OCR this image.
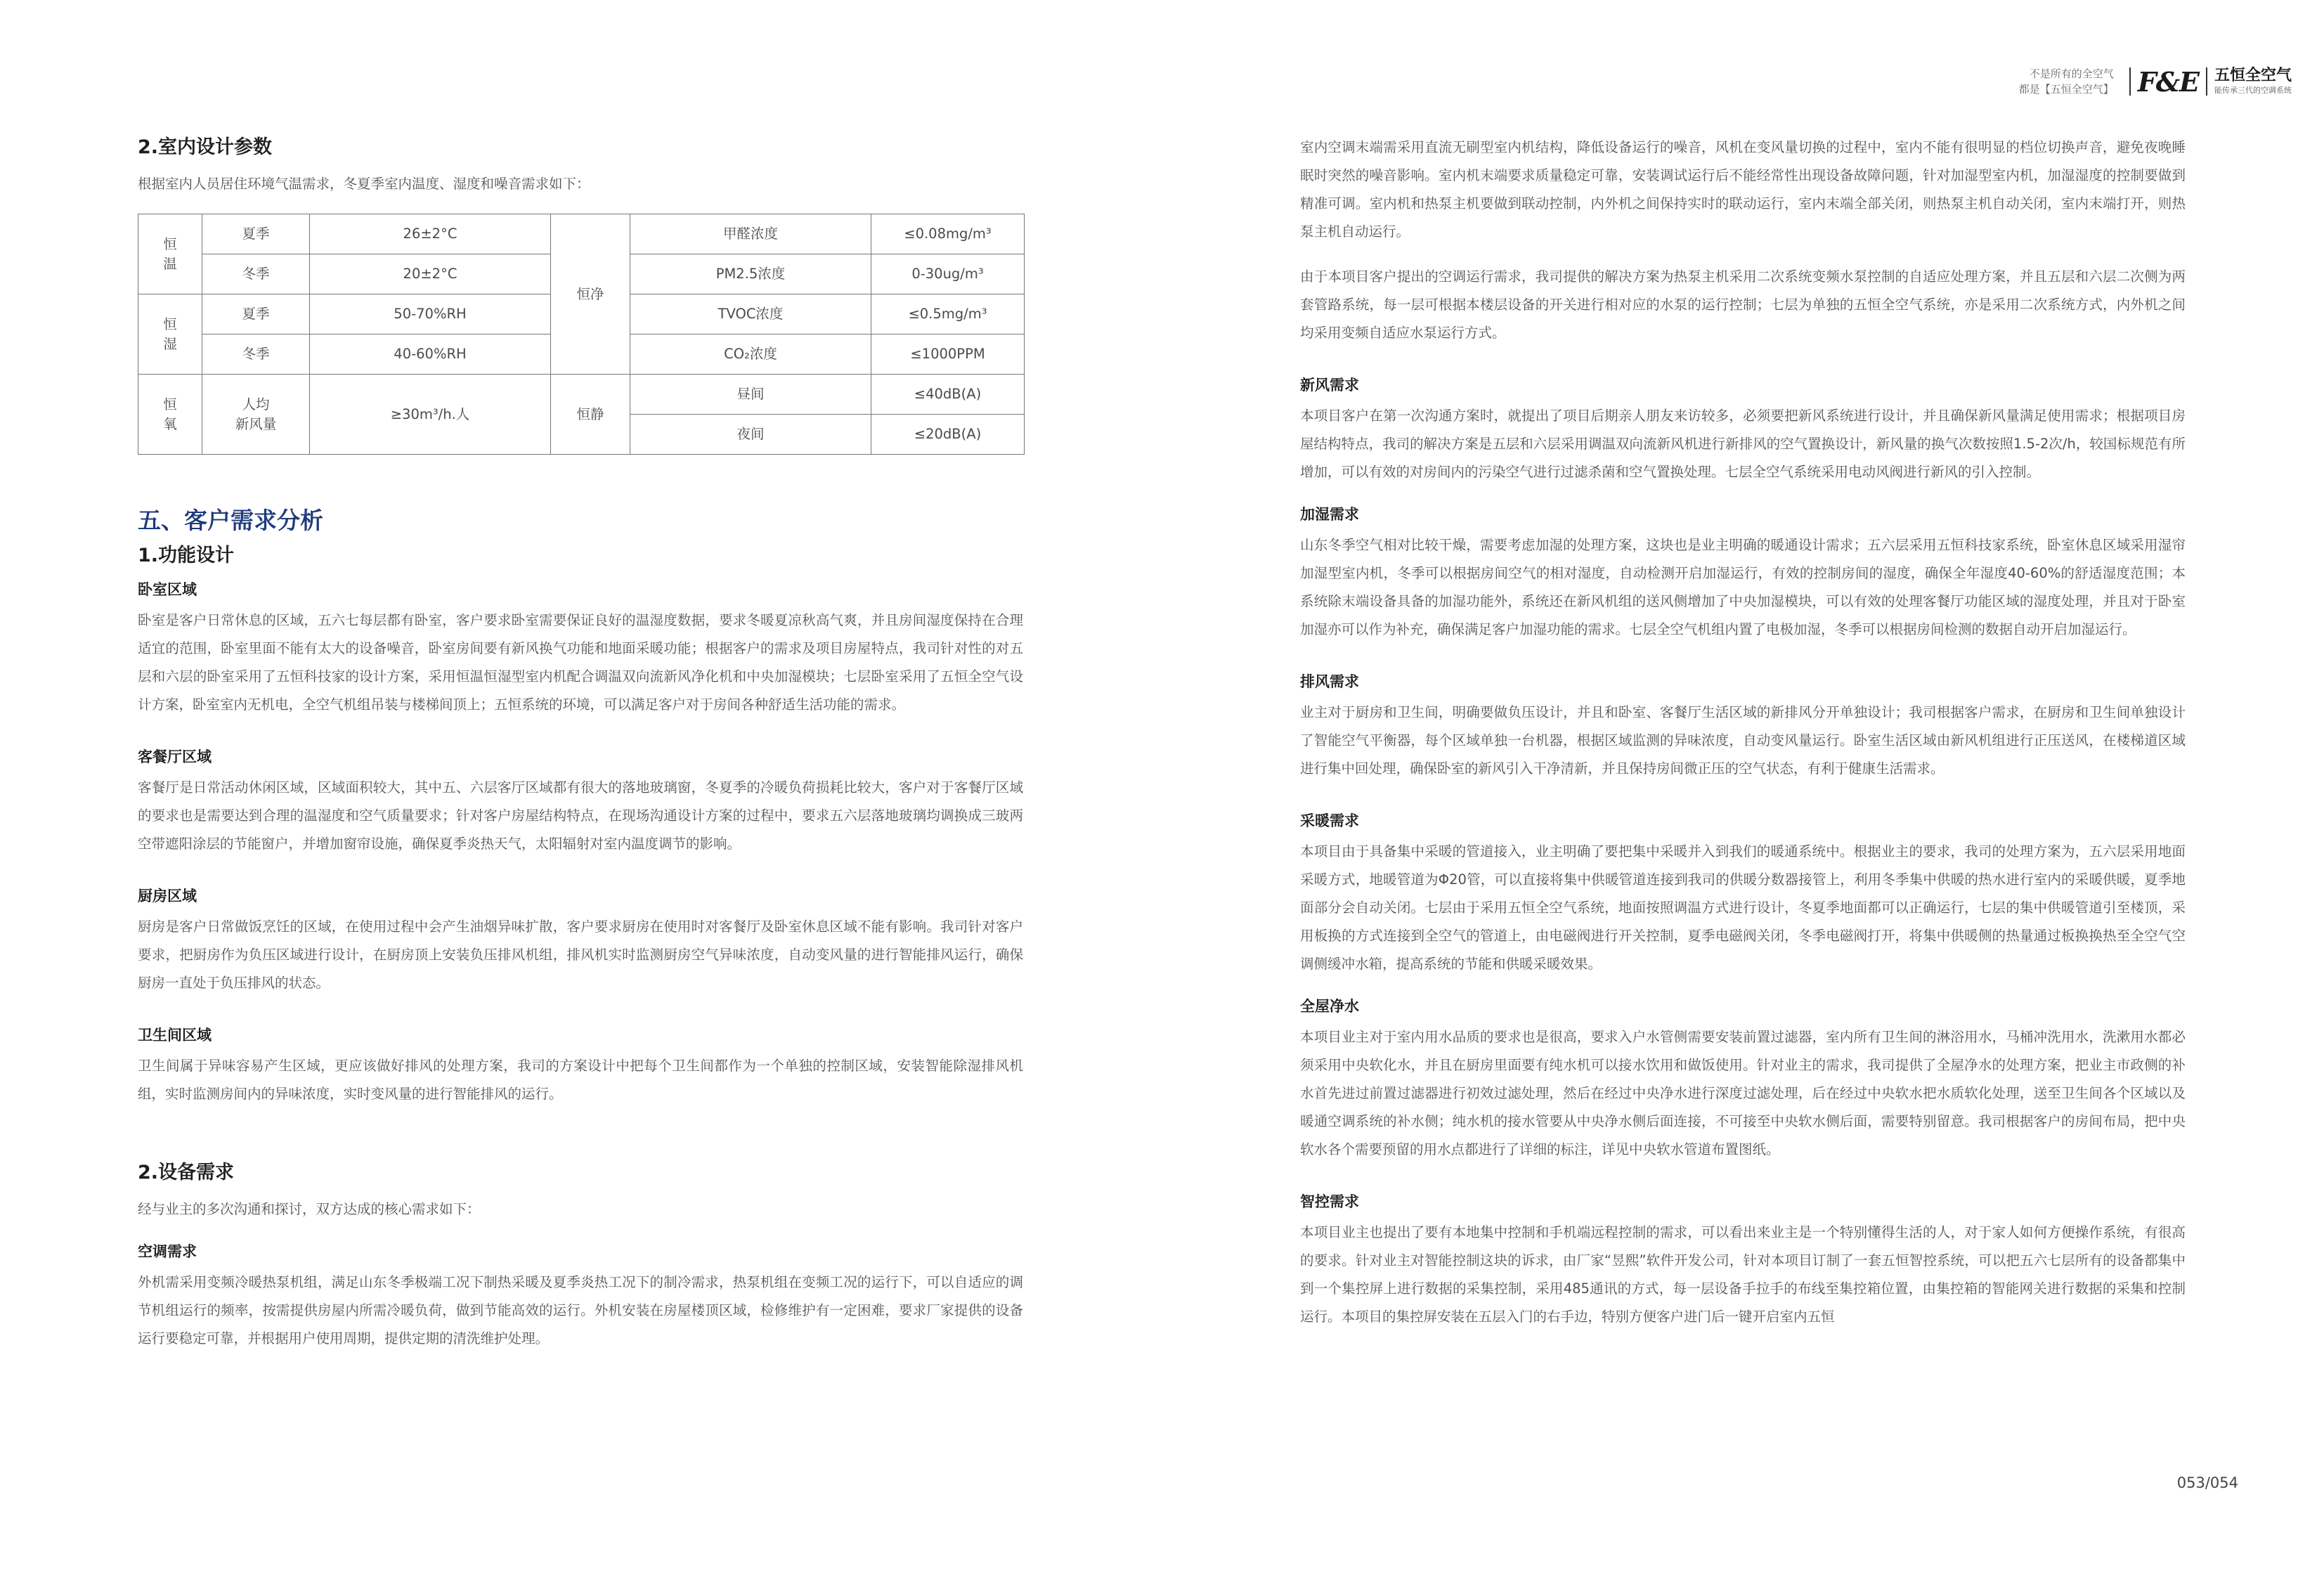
2.室内设计参数
根据室内人员居住环境气温需求，冬夏季室内温度、湿度和噪音需求如下：
恒
温	夏季	26±2°C	恒净	甲醛浓度	≤0.08mg/m³
	冬季	20±2°C		PM2.5浓度	0-30ug/m³
恒
湿	夏季	50-70%RH		TVOC浓度	≤0.5mg/m³
	冬季	40-60%RH		CO₂浓度	≤1000PPM
恒
氧	人均
新风量	≥30m³/h.人	恒静	昼间	≤40dB(A)
				夜间	≤20dB(A)
五、客户需求分析
1.功能设计
卧室区域
卧室是客户日常休息的区域，五六七每层都有卧室，客户要求卧室需要保证良好的温湿度数据，要求冬暖夏凉秋高气爽，并且房间湿度保持在合理适宜的范围，卧室里面不能有太大的设备噪音，卧室房间要有新风换气功能和地面采暖功能；根据客户的需求及项目房屋特点，我司针对性的对五层和六层的卧室采用了五恒科技家的设计方案，采用恒温恒湿型室内机配合调温双向流新风净化机和中央加湿模块；七层卧室采用了五恒全空气设计方案，卧室室内无机电，全空气机组吊装与楼梯间顶上；五恒系统的环境，可以满足客户对于房间各种舒适生活功能的需求。
客餐厅区域
客餐厅是日常活动休闲区域，区域面积较大，其中五、六层客厅区域都有很大的落地玻璃窗，冬夏季的冷暖负荷损耗比较大，客户对于客餐厅区域的要求也是需要达到合理的温湿度和空气质量要求；针对客户房屋结构特点，在现场沟通设计方案的过程中，要求五六层落地玻璃均调换成三玻两空带遮阳涂层的节能窗户，并增加窗帘设施，确保夏季炎热天气，太阳辐射对室内温度调节的影响。
厨房区域
厨房是客户日常做饭烹饪的区域，在使用过程中会产生油烟异味扩散，客户要求厨房在使用时对客餐厅及卧室休息区域不能有影响。我司针对客户要求，把厨房作为负压区域进行设计，在厨房顶上安装负压排风机组，排风机实时监测厨房空气异味浓度，自动变风量的进行智能排风运行，确保厨房一直处于负压排风的状态。
卫生间区域
卫生间属于异味容易产生区域，更应该做好排风的处理方案，我司的方案设计中把每个卫生间都作为一个单独的控制区域，安装智能除湿排风机组，实时监测房间内的异味浓度，实时变风量的进行智能排风的运行。
2.设备需求
经与业主的多次沟通和探讨，双方达成的核心需求如下：
空调需求
外机需采用变频冷暖热泵机组，满足山东冬季极端工况下制热采暖及夏季炎热工况下的制冷需求，热泵机组在变频工况的运行下，可以自适应的调节机组运行的频率，按需提供房屋内所需冷暖负荷，做到节能高效的运行。外机安装在房屋楼顶区域，检修维护有一定困难，要求厂家提供的设备运行要稳定可靠，并根据用户使用周期，提供定期的清洗维护处理。
不是所有的全空气
都是【五恒全空气】 F&E 五恒全空气
能传承三代的空调系统
室内空调末端需采用直流无刷型室内机结构，降低设备运行的噪音，风机在变风量切换的过程中，室内不能有很明显的档位切换声音，避免夜晚睡眠时突然的噪音影响。室内机末端要求质量稳定可靠，安装调试运行后不能经常性出现设备故障问题，针对加湿型室内机，加湿湿度的控制要做到精准可调。室内机和热泵主机要做到联动控制，内外机之间保持实时的联动运行，室内末端全部关闭，则热泵主机自动关闭，室内末端打开，则热泵主机自动运行。
由于本项目客户提出的空调运行需求，我司提供的解决方案为热泵主机采用二次系统变频水泵控制的自适应处理方案，并且五层和六层二次侧为两套管路系统，每一层可根据本楼层设备的开关进行相对应的水泵的运行控制；七层为单独的五恒全空气系统，亦是采用二次系统方式，内外机之间均采用变频自适应水泵运行方式。
新风需求
本项目客户在第一次沟通方案时，就提出了项目后期亲人朋友来访较多，必须要把新风系统进行设计，并且确保新风量满足使用需求；根据项目房屋结构特点，我司的解决方案是五层和六层采用调温双向流新风机进行新排风的空气置换设计，新风量的换气次数按照1.5-2次/h，较国标规范有所增加，可以有效的对房间内的污染空气进行过滤杀菌和空气置换处理。七层全空气系统采用电动风阀进行新风的引入控制。
加湿需求
山东冬季空气相对比较干燥，需要考虑加湿的处理方案，这块也是业主明确的暖通设计需求；五六层采用五恒科技家系统，卧室休息区域采用湿帘加湿型室内机，冬季可以根据房间空气的相对湿度，自动检测开启加湿运行，有效的控制房间的湿度，确保全年湿度40-60%的舒适湿度范围；本系统除末端设备具备的加湿功能外，系统还在新风机组的送风侧增加了中央加湿模块，可以有效的处理客餐厅功能区域的湿度处理，并且对于卧室加湿亦可以作为补充，确保满足客户加湿功能的需求。七层全空气机组内置了电极加湿，冬季可以根据房间检测的数据自动开启加湿运行。
排风需求
业主对于厨房和卫生间，明确要做负压设计，并且和卧室、客餐厅生活区域的新排风分开单独设计；我司根据客户需求，在厨房和卫生间单独设计了智能空气平衡器，每个区域单独一台机器，根据区域监测的异味浓度，自动变风量运行。卧室生活区域由新风机组进行正压送风，在楼梯道区域进行集中回处理，确保卧室的新风引入干净清新，并且保持房间微正压的空气状态，有利于健康生活需求。
采暖需求
本项目由于具备集中采暖的管道接入，业主明确了要把集中采暖并入到我们的暖通系统中。根据业主的要求，我司的处理方案为，五六层采用地面采暖方式，地暖管道为Φ20管，可以直接将集中供暖管道连接到我司的供暖分数器接管上，利用冬季集中供暖的热水进行室内的采暖供暖，夏季地面部分会自动关闭。七层由于采用五恒全空气系统，地面按照调温方式进行设计，冬夏季地面都可以正确运行，七层的集中供暖管道引至楼顶，采用板换的方式连接到全空气的管道上，由电磁阀进行开关控制，夏季电磁阀关闭，冬季电磁阀打开，将集中供暖侧的热量通过板换换热至全空气空调侧缓冲水箱，提高系统的节能和供暖采暖效果。
全屋净水
本项目业主对于室内用水品质的要求也是很高，要求入户水管侧需要安装前置过滤器，室内所有卫生间的淋浴用水，马桶冲洗用水，洗漱用水都必须采用中央软化水，并且在厨房里面要有纯水机可以接水饮用和做饭使用。针对业主的需求，我司提供了全屋净水的处理方案，把业主市政侧的补水首先进过前置过滤器进行初效过滤处理，然后在经过中央净水进行深度过滤处理，后在经过中央软水把水质软化处理，送至卫生间各个区域以及暖通空调系统的补水侧；纯水机的接水管要从中央净水侧后面连接，不可接至中央软水侧后面，需要特别留意。我司根据客户的房间布局，把中央软水各个需要预留的用水点都进行了详细的标注，详见中央软水管道布置图纸。
智控需求
本项目业主也提出了要有本地集中控制和手机端远程控制的需求，可以看出来业主是一个特别懂得生活的人，对于家人如何方便操作系统，有很高的要求。针对业主对智能控制这块的诉求，由厂家“昱熙”软件开发公司，针对本项目订制了一套五恒智控系统，可以把五六七层所有的设备都集中到一个集控屏上进行数据的采集控制，采用485通讯的方式，每一层设备手拉手的布线至集控箱位置，由集控箱的智能网关进行数据的采集和控制运行。本项目的集控屏安装在五层入门的右手边，特别方便客户进门后一键开启室内五恒
053/054
